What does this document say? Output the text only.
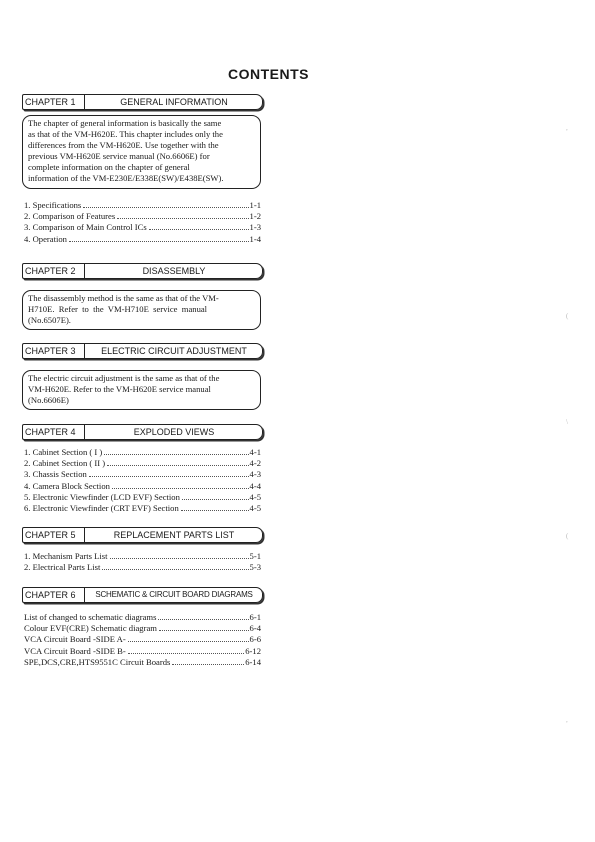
CONTENTS
CHAPTER 1	GENERAL INFORMATION
The chapter of general information is basically the same
as that of the VM-H620E. This chapter includes only the
differences from the VM-H620E. Use together with the
previous VM-H620E service manual (No.6606E) for
complete information on the chapter of general
information of the VM-E230E/E338E(SW)/E438E(SW).
1. Specifications	1-1
2. Comparison of Features	1-2
3. Comparison of Main Control ICs	1-3
4. Operation	1-4
CHAPTER 2	DISASSEMBLY
The disassembly method is the same as that of the VM-
H710E.  Refer  to  the  VM-H710E  service  manual
(No.6507E).
CHAPTER 3	ELECTRIC CIRCUIT ADJUSTMENT
The electric circuit adjustment is the same as that of the
VM-H620E. Refer to the VM-H620E service manual
(No.6606E)
CHAPTER 4	EXPLODED VIEWS
1. Cabinet Section ( I )	4-1
2. Cabinet Section ( II )	4-2
3. Chassis Section	4-3
4. Camera Block Section	4-4
5. Electronic Viewfinder (LCD EVF) Section	4-5
6. Electronic Viewfinder (CRT EVF) Section	4-5
CHAPTER 5	REPLACEMENT PARTS LIST
1. Mechanism Parts List	5-1
2. Electrical Parts List	5-3
CHAPTER 6	SCHEMATIC & CIRCUIT BOARD DIAGRAMS
List of changed to schematic diagrams	6-1
Colour EVF(CRE) Schematic diagram	6-4
VCA Circuit Board -SIDE A-	6-6
VCA Circuit Board -SIDE B-	6-12
SPE,DCS,CRE,HTS9551C Circuit Boards	6-14
,
(
\
(
,
